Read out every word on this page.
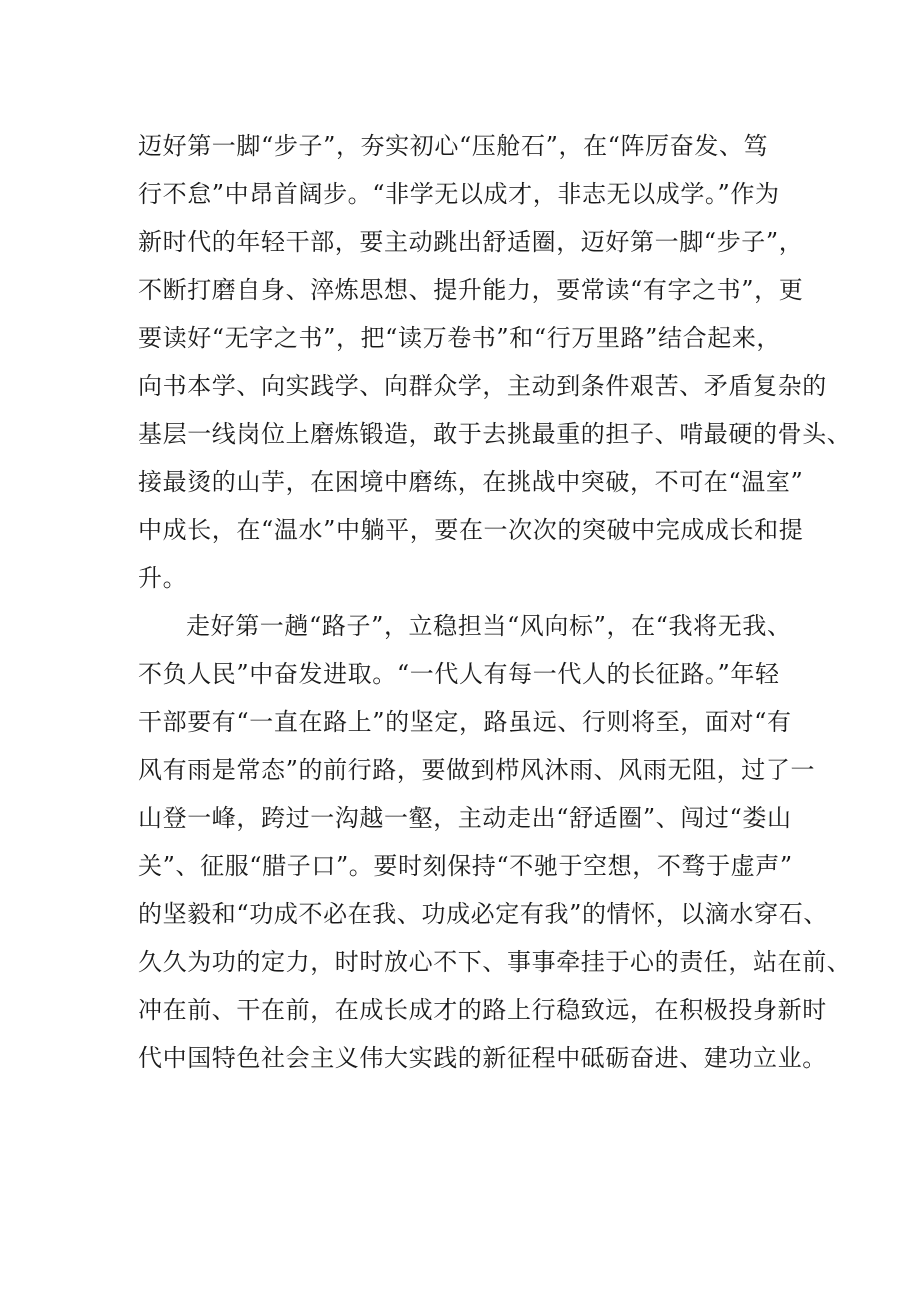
迈好第一脚“步子”，夯实初心“压舱石”，在“阵厉奋发、笃
行不怠”中昂首阔步。“非学无以成才，非志无以成学。”作为
新时代的年轻干部，要主动跳出舒适圈，迈好第一脚“步子”，
不断打磨自身、淬炼思想、提升能力，要常读“有字之书”，更
要读好“无字之书”，把“读万卷书”和“行万里路”结合起来，
向书本学、向实践学、向群众学，主动到条件艰苦、矛盾复杂的
基层一线岗位上磨炼锻造，敢于去挑最重的担子、啃最硬的骨头、
接最烫的山芋，在困境中磨练，在挑战中突破，不可在“温室”
中成长，在“温水”中躺平，要在一次次的突破中完成成长和提
升。
走好第一趟“路子”，立稳担当“风向标”，在“我将无我、
不负人民”中奋发进取。“一代人有每一代人的长征路。”年轻
干部要有“一直在路上”的坚定，路虽远、行则将至，面对“有
风有雨是常态”的前行路，要做到栉风沐雨、风雨无阻，过了一
山登一峰，跨过一沟越一壑，主动走出“舒适圈”、闯过“娄山
关”、征服“腊子口”。要时刻保持“不驰于空想，不骛于虚声”
的坚毅和“功成不必在我、功成必定有我”的情怀，以滴水穿石、
久久为功的定力，时时放心不下、事事牵挂于心的责任，站在前、
冲在前、干在前，在成长成才的路上行稳致远，在积极投身新时
代中国特色社会主义伟大实践的新征程中砥砺奋进、建功立业。
